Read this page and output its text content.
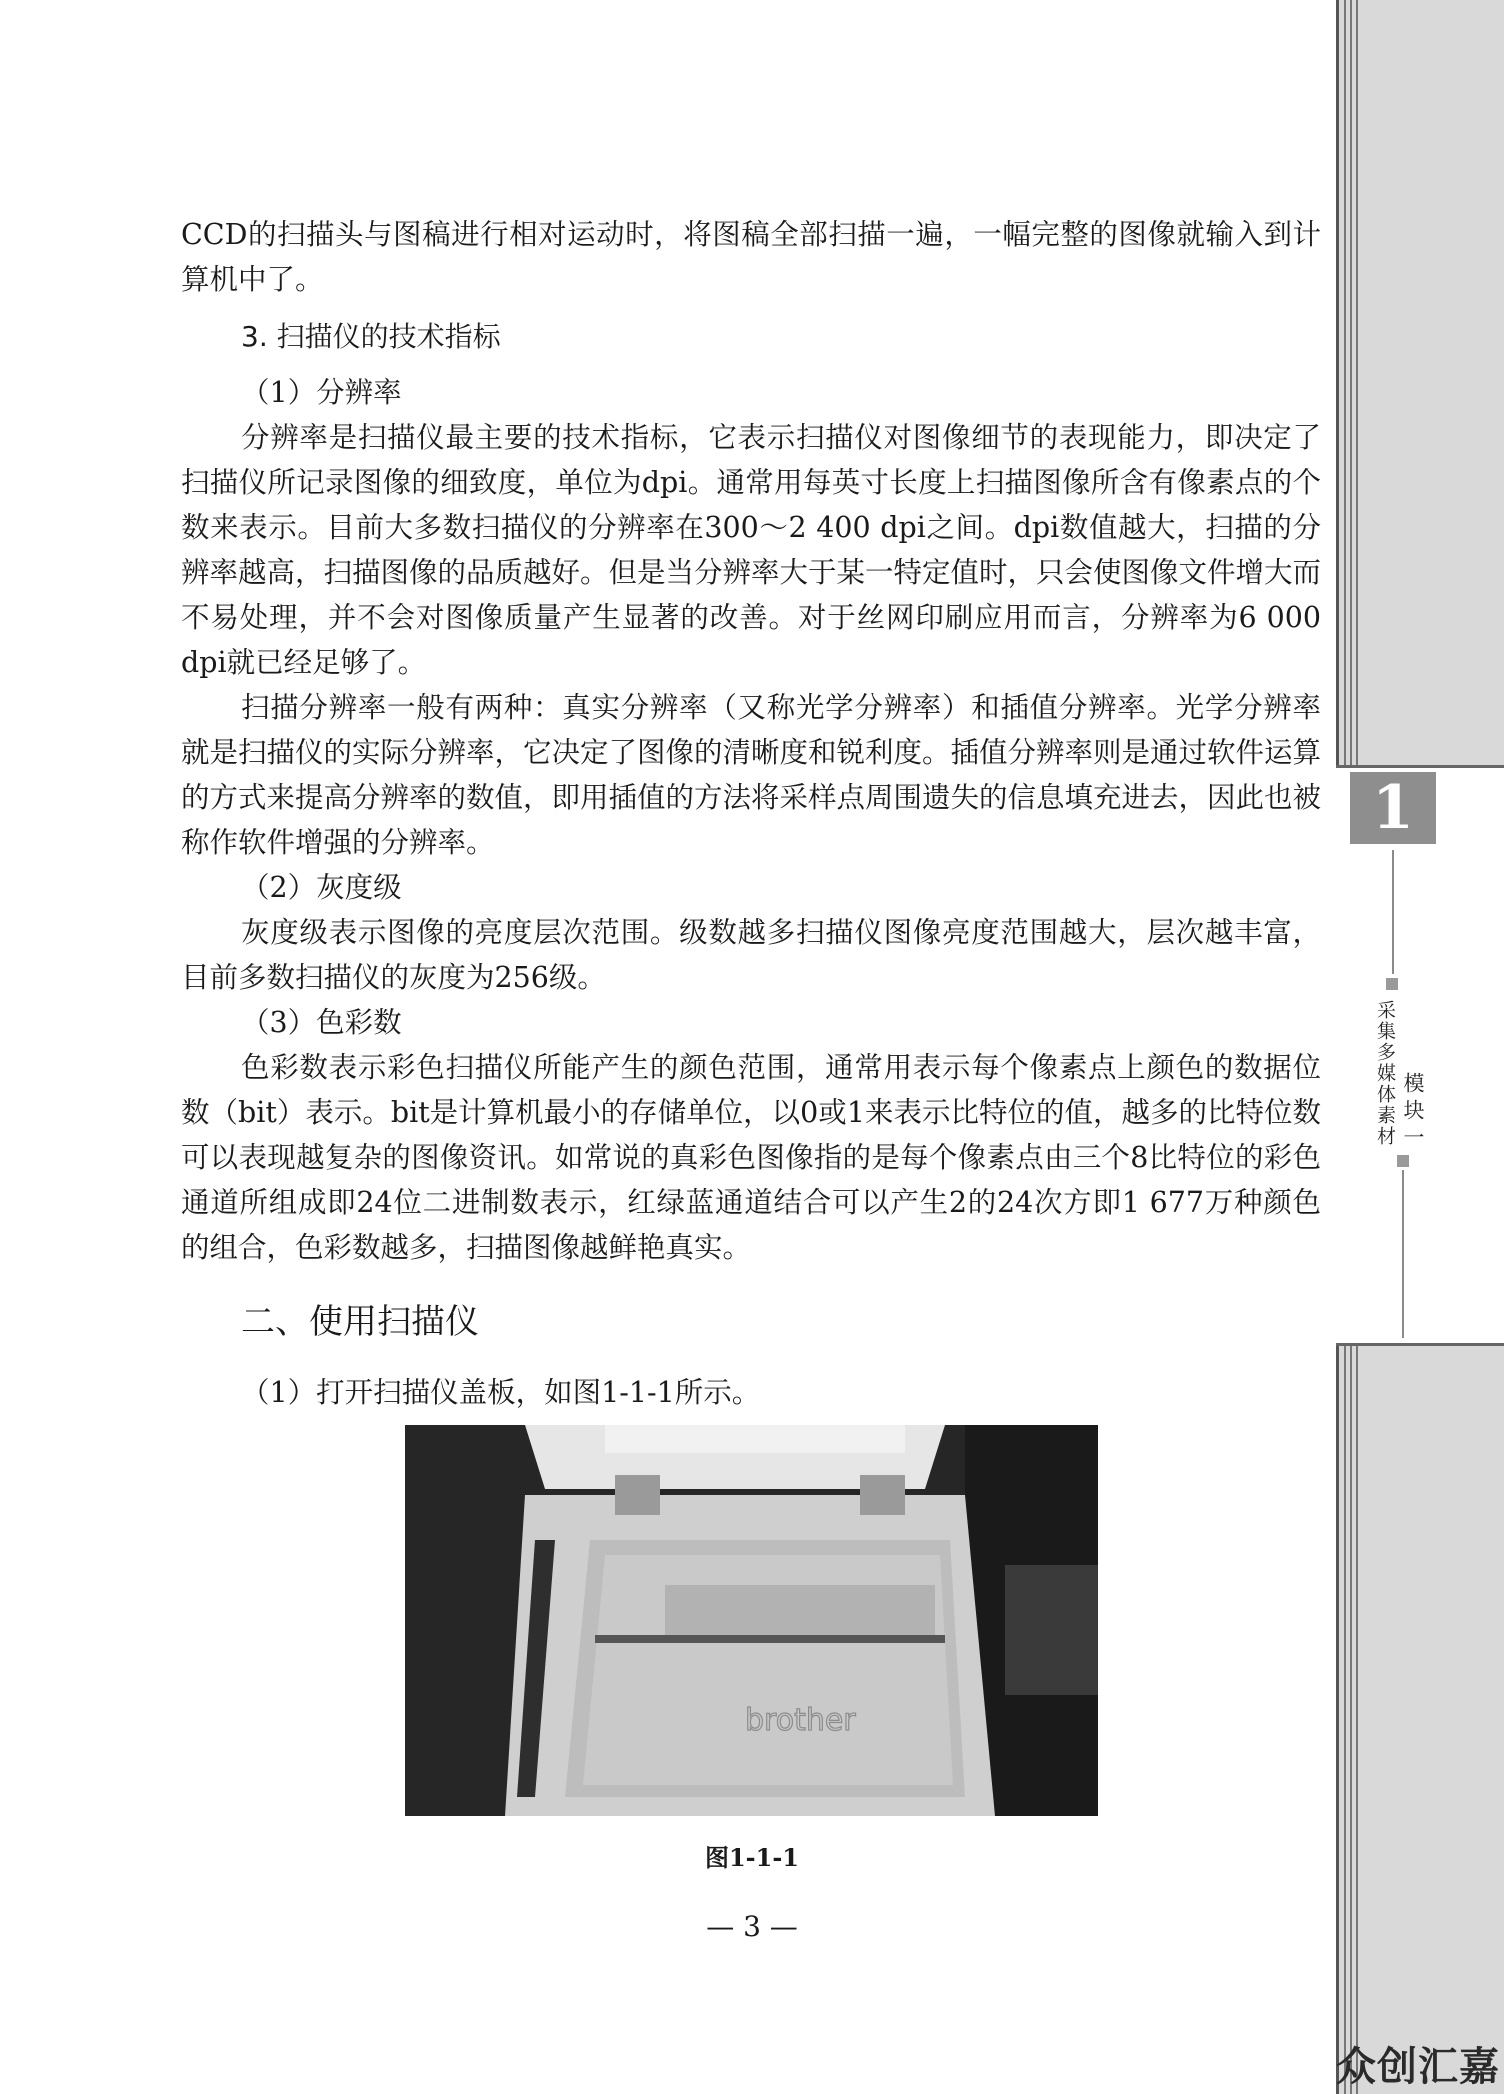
1
采集多媒体素材 模块一

CCD的扫描头与图稿进行相对运动时，将图稿全部扫描一遍，一幅完整的图像就输入到计算机中了。

3. 扫描仪的技术指标

（1）分辨率

分辨率是扫描仪最主要的技术指标，它表示扫描仪对图像细节的表现能力，即决定了扫描仪所记录图像的细致度，单位为dpi。通常用每英寸长度上扫描图像所含有像素点的个数来表示。目前大多数扫描仪的分辨率在300～2 400 dpi之间。dpi数值越大，扫描的分辨率越高，扫描图像的品质越好。但是当分辨率大于某一特定值时，只会使图像文件增大而不易处理，并不会对图像质量产生显著的改善。对于丝网印刷应用而言，分辨率为6 000 dpi就已经足够了。

扫描分辨率一般有两种：真实分辨率（又称光学分辨率）和插值分辨率。光学分辨率就是扫描仪的实际分辨率，它决定了图像的清晰度和锐利度。插值分辨率则是通过软件运算的方式来提高分辨率的数值，即用插值的方法将采样点周围遗失的信息填充进去，因此也被称作软件增强的分辨率。

（2）灰度级

灰度级表示图像的亮度层次范围。级数越多扫描仪图像亮度范围越大，层次越丰富，目前多数扫描仪的灰度为256级。

（3）色彩数

色彩数表示彩色扫描仪所能产生的颜色范围，通常用表示每个像素点上颜色的数据位数（bit）表示。bit是计算机最小的存储单位，以0或1来表示比特位的值，越多的比特位数可以表现越复杂的图像资讯。如常说的真彩色图像指的是每个像素点由三个8比特位的彩色通道所组成即24位二进制数表示，红绿蓝通道结合可以产生2的24次方即1 677万种颜色的组合，色彩数越多，扫描图像越鲜艳真实。

二、使用扫描仪

（1）打开扫描仪盖板，如图1-1-1所示。

brother
图1-1-1
— 3 —
众创汇嘉
